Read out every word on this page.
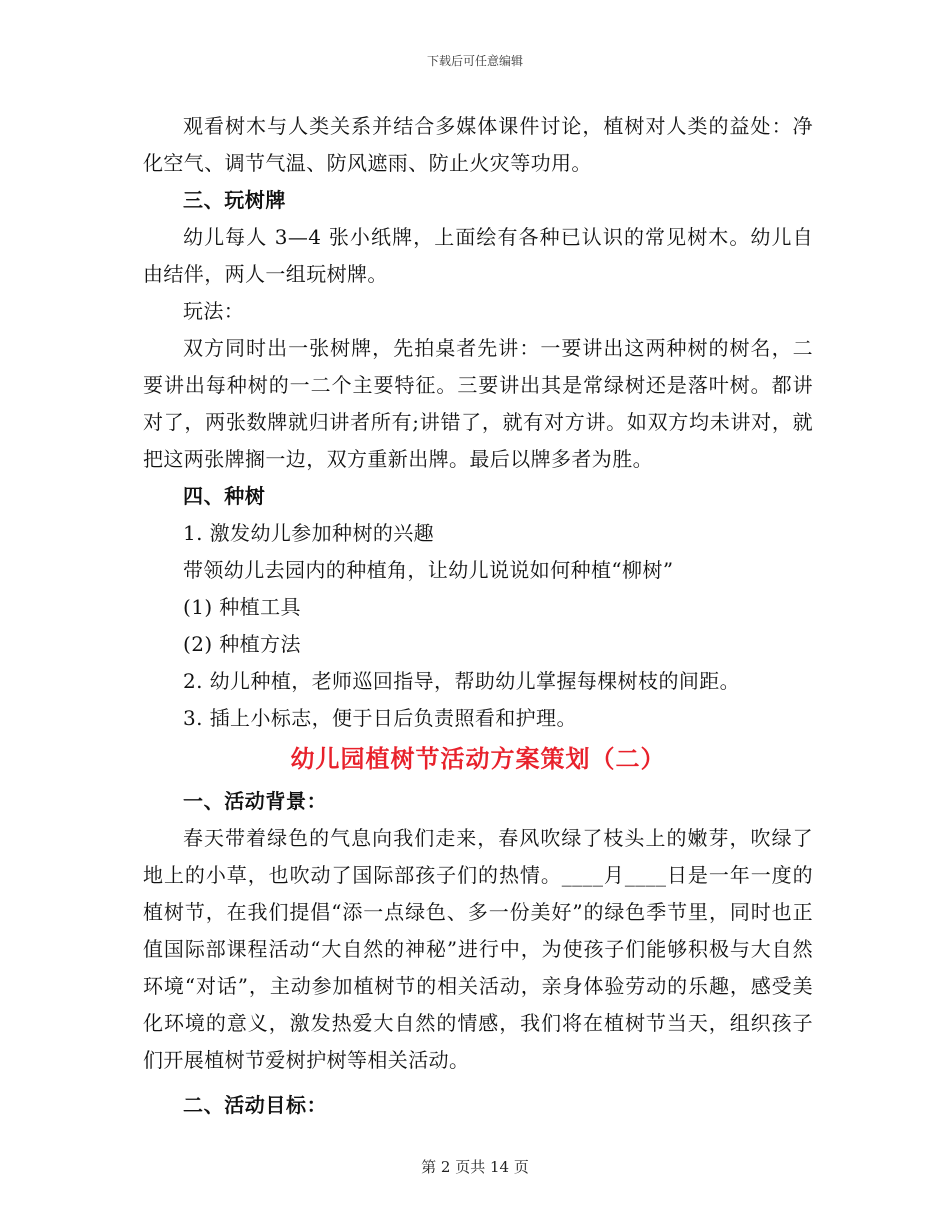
下载后可任意编辑

观看树木与人类关系并结合多媒体课件讨论，植树对人类的益处：净化空气、调节气温、防风遮雨、防止火灾等功用。

三、玩树牌

幼儿每人 3—4 张小纸牌，上面绘有各种已认识的常见树木。幼儿自由结伴，两人一组玩树牌。

玩法：

双方同时出一张树牌，先拍桌者先讲：一要讲出这两种树的树名，二要讲出每种树的一二个主要特征。三要讲出其是常绿树还是落叶树。都讲对了，两张数牌就归讲者所有;讲错了，就有对方讲。如双方均未讲对，就把这两张牌搁一边，双方重新出牌。最后以牌多者为胜。

四、种树

1. 激发幼儿参加种树的兴趣

带领幼儿去园内的种植角，让幼儿说说如何种植“柳树”

(1) 种植工具

(2) 种植方法

2. 幼儿种植，老师巡回指导，帮助幼儿掌握每棵树枝的间距。

3. 插上小标志，便于日后负责照看和护理。

幼儿园植树节活动方案策划（二）

一、活动背景：

春天带着绿色的气息向我们走来，春风吹绿了枝头上的嫩芽，吹绿了地上的小草，也吹动了国际部孩子们的热情。____月____日是一年一度的植树节，在我们提倡“添一点绿色、多一份美好”的绿色季节里，同时也正值国际部课程活动“大自然的神秘”进行中，为使孩子们能够积极与大自然环境“对话”，主动参加植树节的相关活动，亲身体验劳动的乐趣，感受美化环境的意义，激发热爱大自然的情感，我们将在植树节当天，组织孩子们开展植树节爱树护树等相关活动。

二、活动目标：

第 2 页共 14 页
